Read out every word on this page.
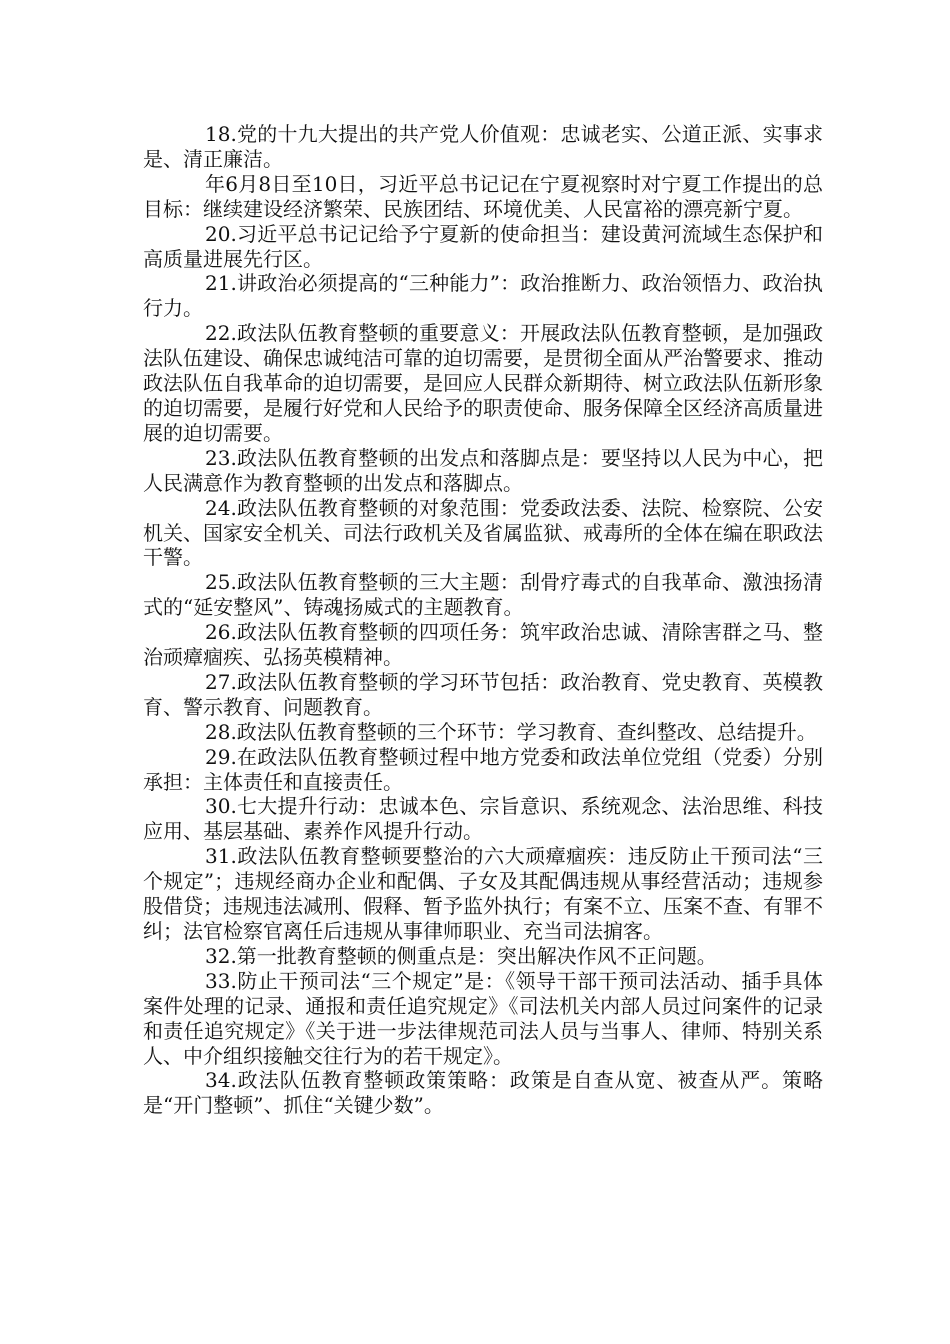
18.党的十九大提出的共产党人价值观：忠诚老实、公道正派、实事求是、清正廉洁。

年6月8日至10日，习近平总书记记在宁夏视察时对宁夏工作提出的总目标：继续建设经济繁荣、民族团结、环境优美、人民富裕的漂亮新宁夏。

20.习近平总书记记给予宁夏新的使命担当：建设黄河流域生态保护和高质量进展先行区。

21.讲政治必须提高的“三种能力”：政治推断力、政治领悟力、政治执行力。

22.政法队伍教育整顿的重要意义：开展政法队伍教育整顿，是加强政法队伍建设、确保忠诚纯洁可靠的迫切需要，是贯彻全面从严治警要求、推动政法队伍自我革命的迫切需要，是回应人民群众新期待、树立政法队伍新形象的迫切需要，是履行好党和人民给予的职责使命、服务保障全区经济高质量进展的迫切需要。

23.政法队伍教育整顿的出发点和落脚点是：要坚持以人民为中心，把人民满意作为教育整顿的出发点和落脚点。

24.政法队伍教育整顿的对象范围：党委政法委、法院、检察院、公安机关、国家安全机关、司法行政机关及省属监狱、戒毒所的全体在编在职政法干警。

25.政法队伍教育整顿的三大主题：刮骨疗毒式的自我革命、激浊扬清式的“延安整风”、铸魂扬威式的主题教育。

26.政法队伍教育整顿的四项任务：筑牢政治忠诚、清除害群之马、整治顽瘴痼疾、弘扬英模精神。

27.政法队伍教育整顿的学习环节包括：政治教育、党史教育、英模教育、警示教育、问题教育。

28.政法队伍教育整顿的三个环节：学习教育、查纠整改、总结提升。

29.在政法队伍教育整顿过程中地方党委和政法单位党组（党委）分别承担：主体责任和直接责任。

30.七大提升行动：忠诚本色、宗旨意识、系统观念、法治思维、科技应用、基层基础、素养作风提升行动。

31.政法队伍教育整顿要整治的六大顽瘴痼疾：违反防止干预司法“三个规定”；违规经商办企业和配偶、子女及其配偶违规从事经营活动；违规参股借贷；违规违法减刑、假释、暂予监外执行；有案不立、压案不查、有罪不纠；法官检察官离任后违规从事律师职业、充当司法掮客。

32.第一批教育整顿的侧重点是：突出解决作风不正问题。

33.防止干预司法“三个规定”是：《领导干部干预司法活动、插手具体案件处理的记录、通报和责任追究规定》《司法机关内部人员过问案件的记录和责任追究规定》《关于进一步法律规范司法人员与当事人、律师、特别关系人、中介组织接触交往行为的若干规定》。

34.政法队伍教育整顿政策策略：政策是自查从宽、被查从严。策略是“开门整顿”、抓住“关键少数”。
